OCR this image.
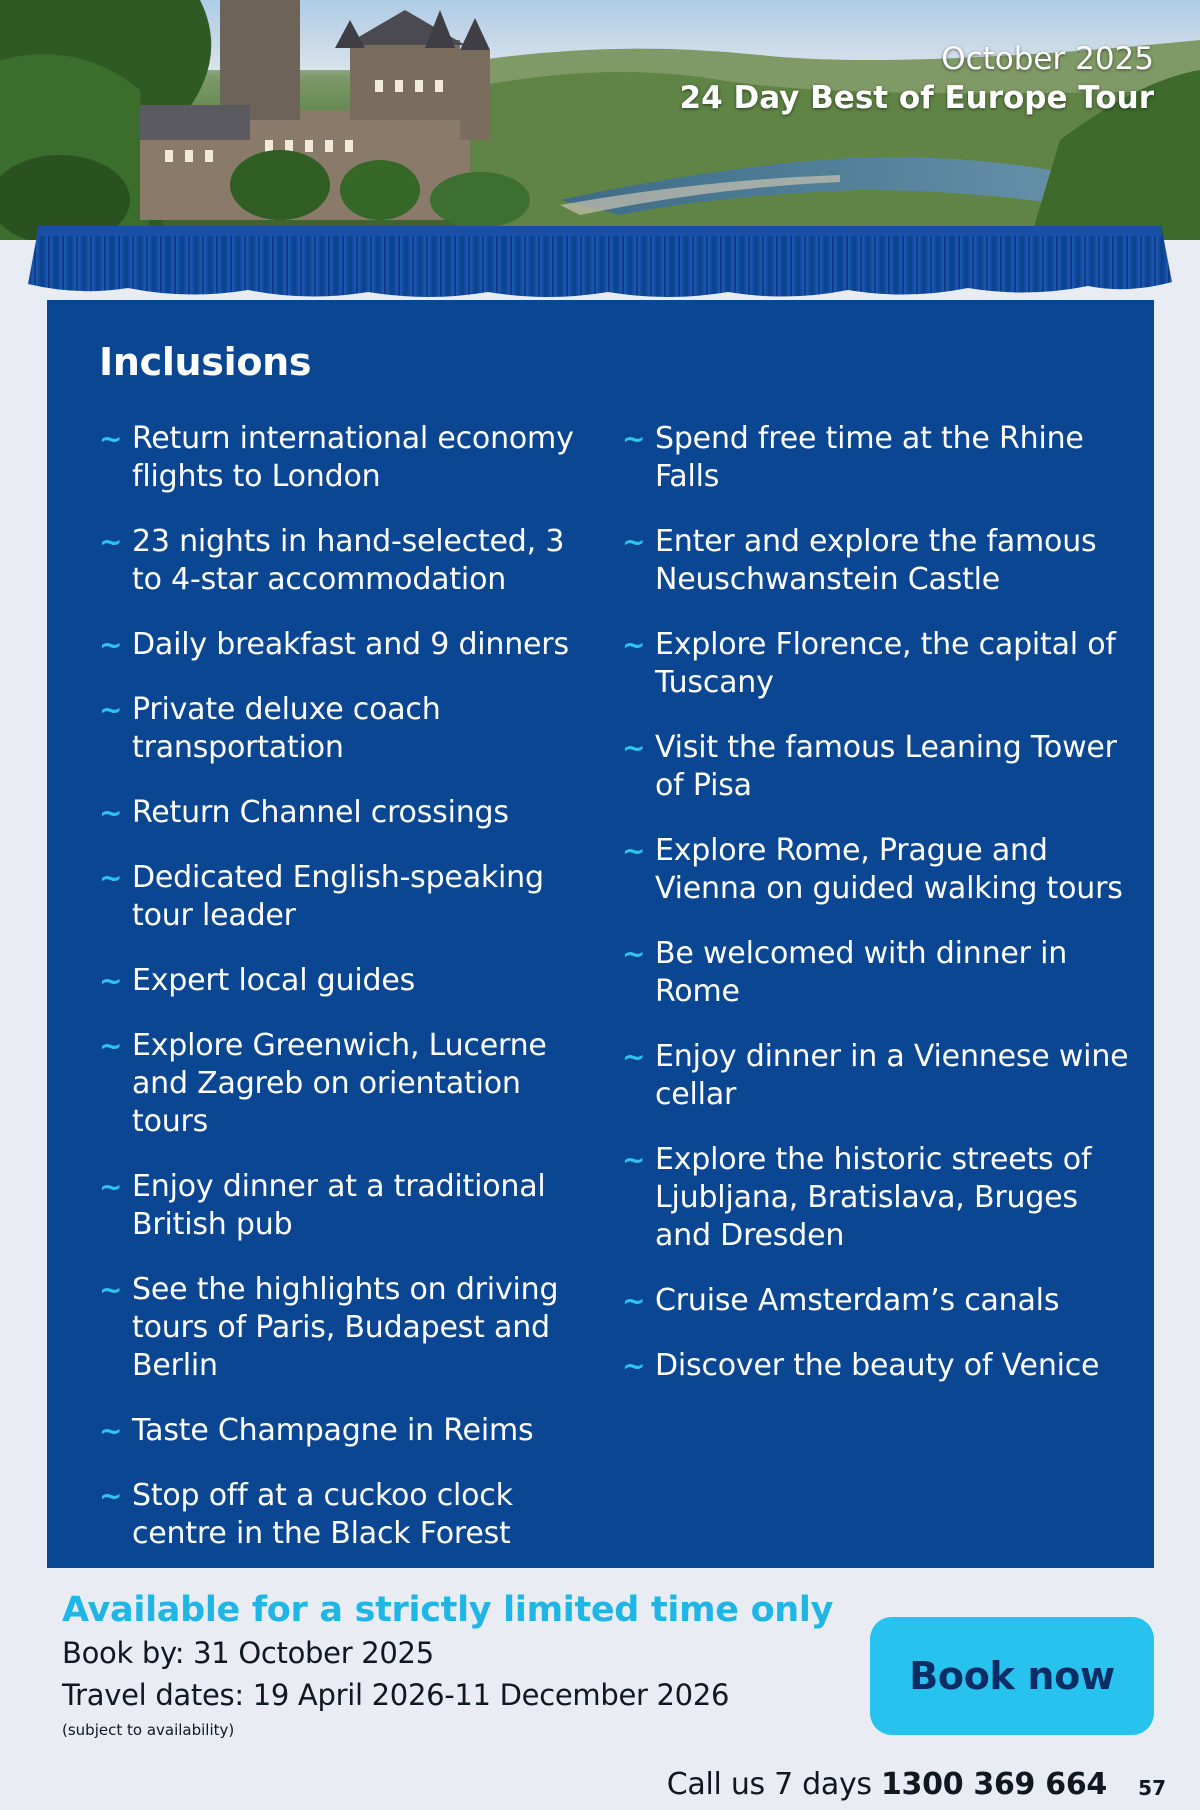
October 2025
24 Day Best of Europe Tour
Inclusions
~ Return international economy flights to London
~ 23 nights in hand-selected, 3 to 4-star accommodation
~ Daily breakfast and 9 dinners
~ Private deluxe coach transportation
~ Return Channel crossings
~ Dedicated English-speaking tour leader
~ Expert local guides
~ Explore Greenwich, Lucerne and Zagreb on orientation tours
~ Enjoy dinner at a traditional British pub
~ See the highlights on driving tours of Paris, Budapest and Berlin
~ Taste Champagne in Reims
~ Stop off at a cuckoo clock centre in the Black Forest
~ Spend free time at the Rhine Falls
~ Enter and explore the famous Neuschwanstein Castle
~ Explore Florence, the capital of Tuscany
~ Visit the famous Leaning Tower of Pisa
~ Explore Rome, Prague and Vienna on guided walking tours
~ Be welcomed with dinner in Rome
~ Enjoy dinner in a Viennese wine cellar
~ Explore the historic streets of Ljubljana, Bratislava, Bruges and Dresden
~ Cruise Amsterdam’s canals
~ Discover the beauty of Venice
Available for a strictly limited time only
Book by: 31 October 2025
Travel dates: 19 April 2026-11 December 2026
(subject to availability)
Book now
Call us 7 days 1300 369 664 57
